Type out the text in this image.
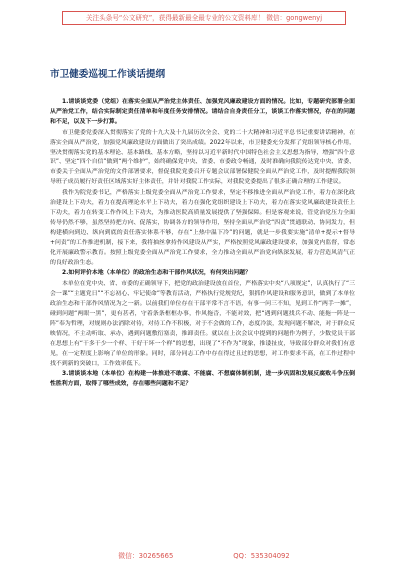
关注头条号“公文研究”，获得最新最全最专业的公文资料库！ 微信：gongwenyj
市卫健委巡视工作谈话提纲

1.请谈谈党委（党组）在落实全面从严治党主体责任、加强党风廉政建设方面的情况。比如，专题研究部署全面从严治党工作，结合实际制定责任清单和年度任务安排情况。请结合自身责任分工，谈谈工作落实情况，存在的问题和不足，以及下一步打算。

市卫健委党委深入贯彻落实了党的十九大及十九届历次全会、党的二十大精神和习近平总书记重要讲话精神，在落实全面从严治党，加强党风廉政建设方面做出了突出成绩。2022年以来，市卫健委充分发挥了党组领导核心作用，坚决贯彻落实党的基本理论、基本路线、基本方略，坚持以习近平新时代中国特色社会主义思想为指导，增强“四个意识”、坚定“四个自信”做到“两个维护”，始终确保党中央、省委、市委政令畅通，及时准确向我院传达党中央、省委、市委关于全面从严治党的文件部署要求，督促我院党委召开专题会议部署保健院全面从严治党工作，及时提醒我院领导班子成员履行好责任区域落实好主体责任，并针对我院工作实际，对我院党委提出了很多正确合理的工作建议。

我作为院党委书记，严格落实上级党委全面从严治党工作要求，坚定不移推进全面从严治党工作，着力在深化政治建设上下功夫，着力在提高理论水平上下功夫，着力在强化党组织建设上下功夫，着力在落实党风廉政建设责任上下功夫，着力在转变工作作风上下功夫，为推动医院高质量发展提供了坚强保障。但是客观来说，管党治党压力全面传导仍然不够，虽然坚持把方向、促落实，协调各方的领导作用，坚持全面从严治党“四责”贯通联动、协同发力，但构建横向到边、纵向到底的责任落实体系不够，存在“上热中温下冷”的问题，就是一步我要实施“清单+提示+督导+问责”的工作推进机制，接下来，我将抽丝拿持作风建设从严实，严格按照党风廉政建设要求，加强党内监督，常态化开展廉政警示教育。按照上级党委全面从严治党工作要求，全力推动全面从严治党向纵深发展，着力营造风清气正的良好政治生态。

2.如何评价本地（本单位）的政治生态和干部作风状况，有何突出问题？

本单位在党中央、省、市委的正确领导下，把党的政治建设放在首位，严格落实中央“八项规定”，认真执行了“三会一课”“主题党日”“不忘初心、牢记使命”等教育活动，严格执行党规党纪，狠抓作风建设和服务意识，做到了本单位政治生态和干部作风情况为之一新。以前我们单位存在干部平常不言不语，有事一问三不知，见到工作“两手一摊”，碰到问题“两眼一黑”，更有甚者，守着条条框框办事，作风拖沓，不能对效，把“遇到问题找兵不动、能拖一阵是一阵”奉为哲理，对规则办法消除对待，对待工作不积极，对于不会做的工作，态度冷淡，发现问题不解决，对于群众反映情况，不主动听取、承办，遇到问题敷衍塞责，推卸责任。就以在上次会议中提到的问题作为例子，少数党员干部在思想上有“干多干少一个样、干好干坏一个样”的思想，出现了“不作为”现象，推诿扯皮，导致部分群众对我们有意见，在一定程度上影响了单位的形象。同时，部分同志工作中存在得过且过的思想，对工作要求不高，在工作过程中找不到新的突破口，工作效率低下。

3.请谈谈本地（本单位）在构建一体推进不敢腐、不能腐、不想腐体制机制，进一步巩固和发展反腐败斗争压倒性胜利方面，取得了哪些成效，存在哪些问题和不足？

微信：30265665	QQ：535304092
